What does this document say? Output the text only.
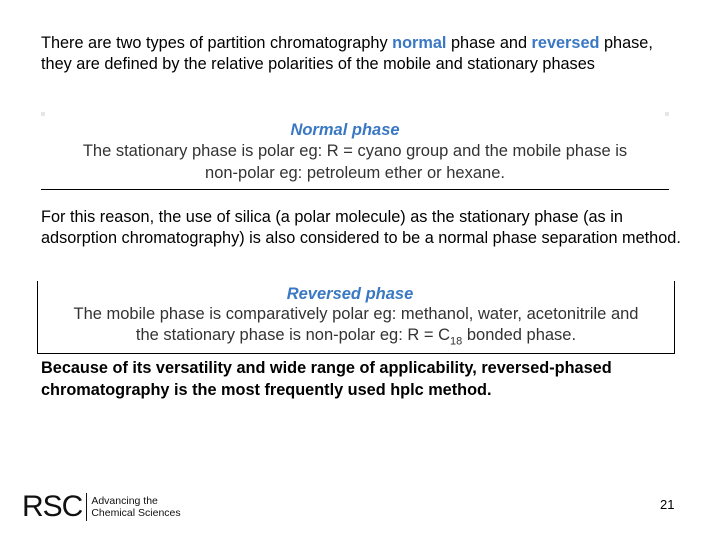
There are two types of partition chromatography normal phase and reversed phase, they are defined by the relative polarities of the mobile and stationary phases

Normal phase
The stationary phase is polar eg: R = cyano group and the mobile phase is
non-polar eg: petroleum ether or hexane.

For this reason, the use of silica (a polar molecule) as the stationary phase (as in adsorption chromatography) is also considered to be a normal phase separation method.

Reversed phase
The mobile phase is comparatively polar eg: methanol, water, acetonitrile and
the stationary phase is non-polar eg: $R = C_{18}$ bonded phase.

Because of its versatility and wide range of applicability, reversed-phased chromatography is the most frequently used hplc method.

RSC Advancing the
Chemical Sciences
21
